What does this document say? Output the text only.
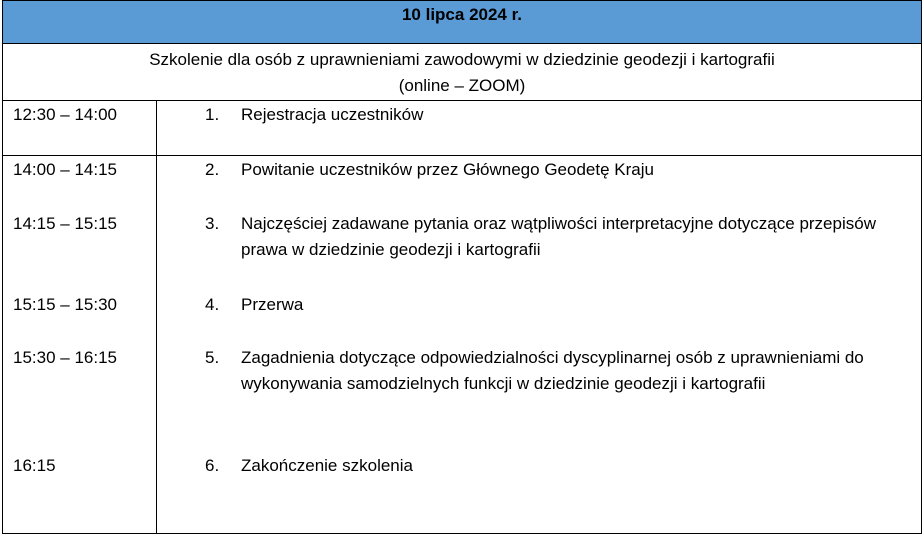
10 lipca 2024 r.
Szkolenie dla osób z uprawnieniami zawodowymi w dziedzinie geodezji i kartografii
(online – ZOOM)
12:30 – 14:00	1. Rejestracja uczestników
14:00 – 14:15	2. Powitanie uczestników przez Głównego Geodetę Kraju
14:15 – 15:15	3. Najczęściej zadawane pytania oraz wątpliwości interpretacyjne dotyczące przepisów prawa w dziedzinie geodezji i kartografii
15:15 – 15:30	4. Przerwa
15:30 – 16:15	5. Zagadnienia dotyczące odpowiedzialności dyscyplinarnej osób z uprawnieniami do wykonywania samodzielnych funkcji w dziedzinie geodezji i kartografii
16:15	6. Zakończenie szkolenia
